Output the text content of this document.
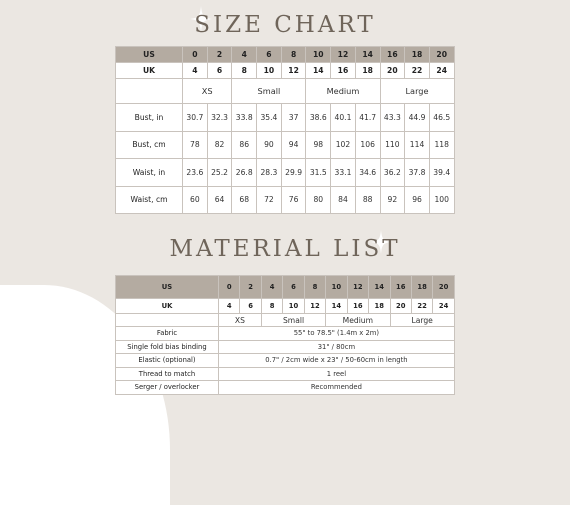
SIZE CHART
US	0	2	4	6	8	10	12	14	16	18	20
UK	4	6	8	10	12	14	16	18	20	22	24
	XS		Small			Medium			Large		
Bust, in	30.7	32.3	33.8	35.4	37	38.6	40.1	41.7	43.3	44.9	46.5
Bust, cm	78	82	86	90	94	98	102	106	110	114	118
Waist, in	23.6	25.2	26.8	28.3	29.9	31.5	33.1	34.6	36.2	37.8	39.4
Waist, cm	60	64	68	72	76	80	84	88	92	96	100
MATERIAL LIST
US	0	2	4	6	8	10	12	14	16	18	20
UK	4	6	8	10	12	14	16	18	20	22	24
	XS		Small			Medium			Large		
Fabric	55" to 78.5" (1.4m x 2m)										
Single fold bias binding	31" / 80cm										
Elastic (optional)	0.7" / 2cm wide x 23" / 50-60cm in length										
Thread to match	1 reel										
Serger / overlocker	Recommended										
